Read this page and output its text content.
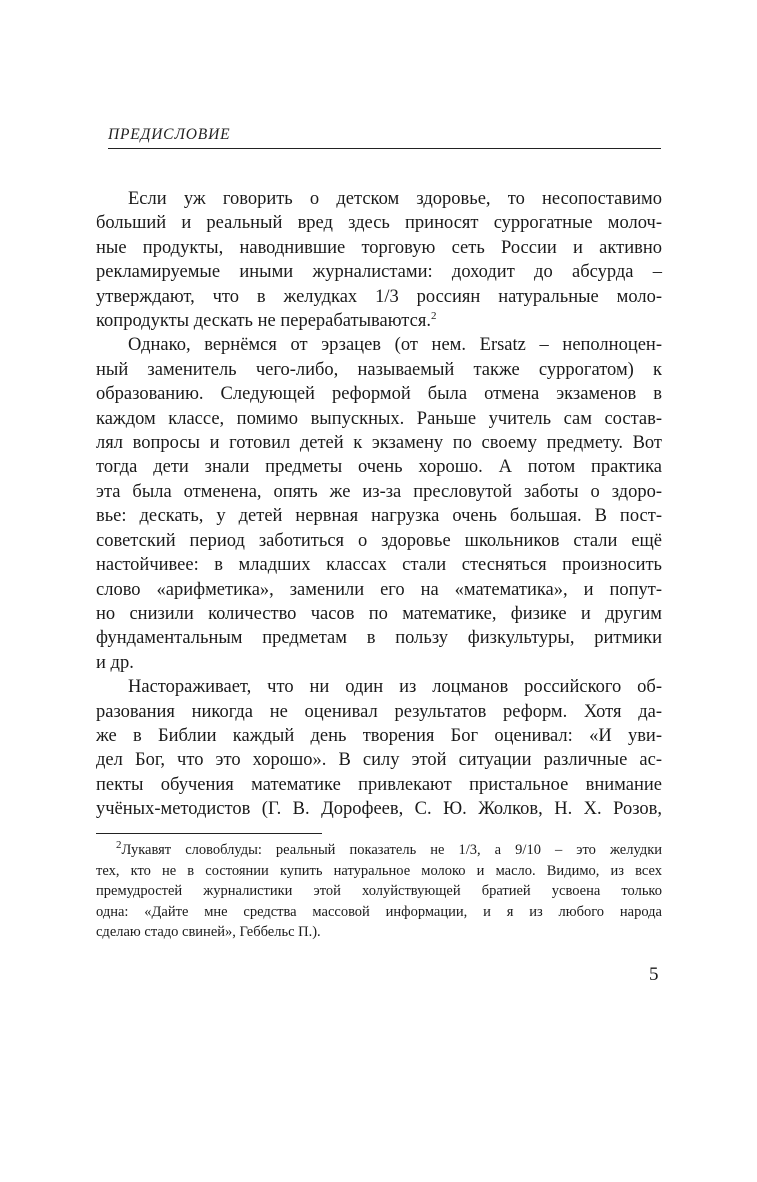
ПРЕДИСЛОВИЕ
Если уж говорить о детском здоровье, то несопоставимо
больший и реальный вред здесь приносят суррогатные молоч-
ные продукты, наводнившие торговую сеть России и активно
рекламируемые иными журналистами: доходит до абсурда –
утверждают, что в желудках 1/3 россиян натуральные моло-
копродукты дескать не перерабатываются.$^2$
Однако, вернёмся от эрзацев (от нем. Ersatz – неполноцен-
ный заменитель чего-либо, называемый также суррогатом) к
образованию. Следующей реформой была отмена экзаменов в
каждом классе, помимо выпускных. Раньше учитель сам состав-
лял вопросы и готовил детей к экзамену по своему предмету. Вот
тогда дети знали предметы очень хорошо. А потом практика
эта была отменена, опять же из-за пресловутой заботы о здоро-
вье: дескать, у детей нервная нагрузка очень большая. В пост-
советский период заботиться о здоровье школьников стали ещё
настойчивее: в младших классах стали стесняться произносить
слово «арифметика», заменили его на «математика», и попут-
но снизили количество часов по математике, физике и другим
фундаментальным предметам в пользу физкультуры, ритмики
и др.
Настораживает, что ни один из лоцманов российского об-
разования никогда не оценивал результатов реформ. Хотя да-
же в Библии каждый день творения Бог оценивал: «И уви-
дел Бог, что это хорошо». В силу этой ситуации различные ас-
пекты обучения математике привлекают пристальное внимание
учёных-методистов (Г. В. Дорофеев, С. Ю. Жолков, Н. Х. Розов,
$^2$Лукавят словоблуды: реальный показатель не 1/3, а 9/10 – это желудки
тех, кто не в состоянии купить натуральное молоко и масло. Видимо, из всех
премудростей журналистики этой холуйствующей братией усвоена только
одна: «Дайте мне средства массовой информации, и я из любого народа
сделаю стадо свиней», Геббельс П.).
5
